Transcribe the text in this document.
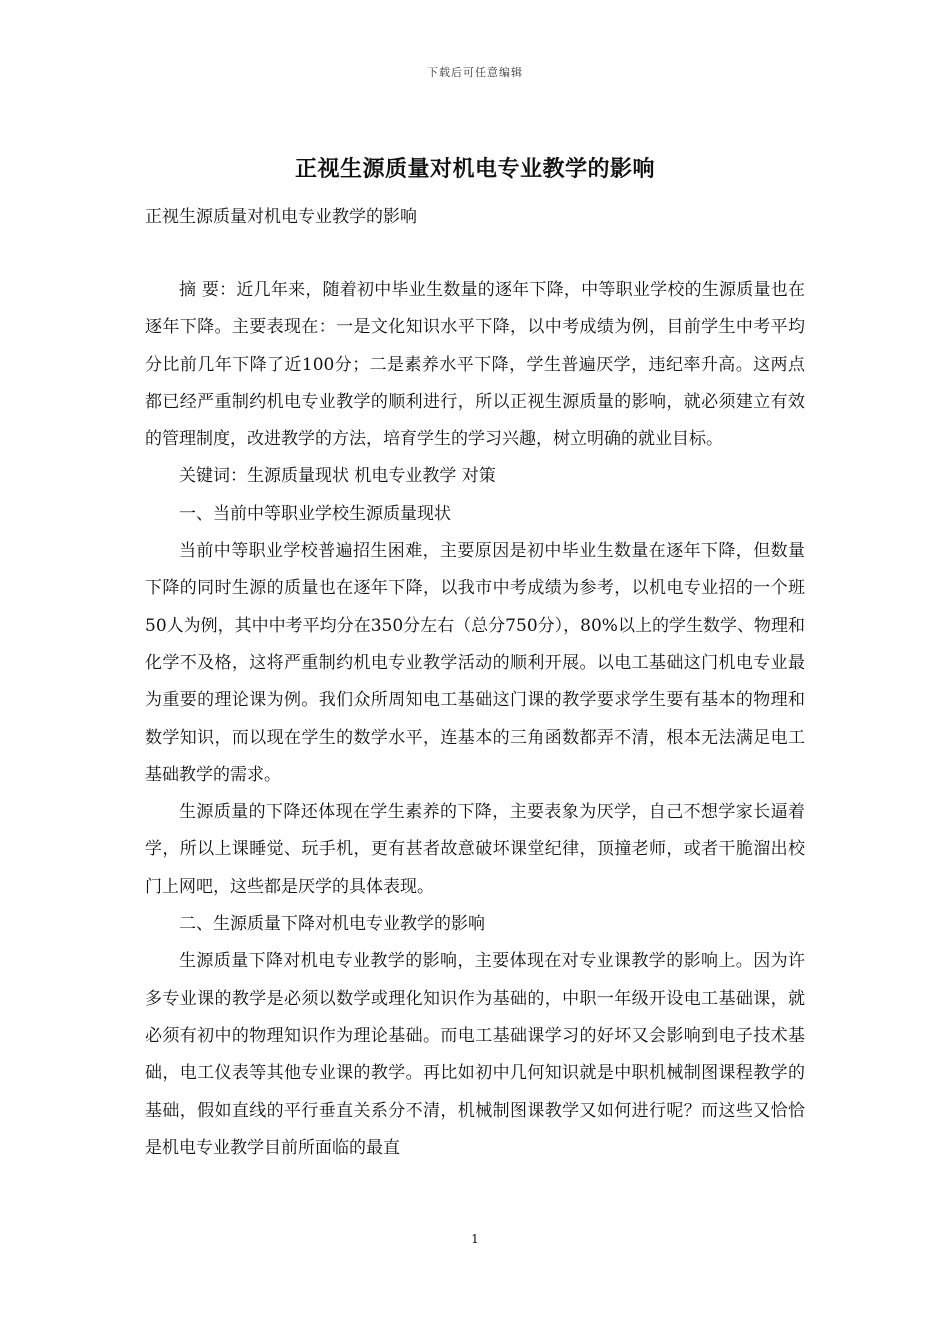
下载后可任意编辑
正视生源质量对机电专业教学的影响
正视生源质量对机电专业教学的影响

摘 要：近几年来，随着初中毕业生数量的逐年下降，中等职业学校的生源质量也在逐年下降。主要表现在：一是文化知识水平下降，以中考成绩为例，目前学生中考平均分比前几年下降了近100分；二是素养水平下降，学生普遍厌学，违纪率升高。这两点都已经严重制约机电专业教学的顺利进行，所以正视生源质量的影响，就必须建立有效的管理制度，改进教学的方法，培育学生的学习兴趣，树立明确的就业目标。

关键词：生源质量现状 机电专业教学 对策

一、当前中等职业学校生源质量现状

当前中等职业学校普遍招生困难，主要原因是初中毕业生数量在逐年下降，但数量下降的同时生源的质量也在逐年下降，以我市中考成绩为参考，以机电专业招的一个班50人为例，其中中考平均分在350分左右（总分750分），80%以上的学生数学、物理和化学不及格，这将严重制约机电专业教学活动的顺利开展。以电工基础这门机电专业最为重要的理论课为例。我们众所周知电工基础这门课的教学要求学生要有基本的物理和数学知识，而以现在学生的数学水平，连基本的三角函数都弄不清，根本无法满足电工基础教学的需求。

生源质量的下降还体现在学生素养的下降，主要表象为厌学，自己不想学家长逼着学，所以上课睡觉、玩手机，更有甚者故意破坏课堂纪律，顶撞老师，或者干脆溜出校门上网吧，这些都是厌学的具体表现。

二、生源质量下降对机电专业教学的影响

生源质量下降对机电专业教学的影响，主要体现在对专业课教学的影响上。因为许多专业课的教学是必须以数学或理化知识作为基础的，中职一年级开设电工基础课，就必须有初中的物理知识作为理论基础。而电工基础课学习的好坏又会影响到电子技术基础，电工仪表等其他专业课的教学。再比如初中几何知识就是中职机械制图课程教学的基础，假如直线的平行垂直关系分不清，机械制图课教学又如何进行呢？而这些又恰恰是机电专业教学目前所面临的最直

1
